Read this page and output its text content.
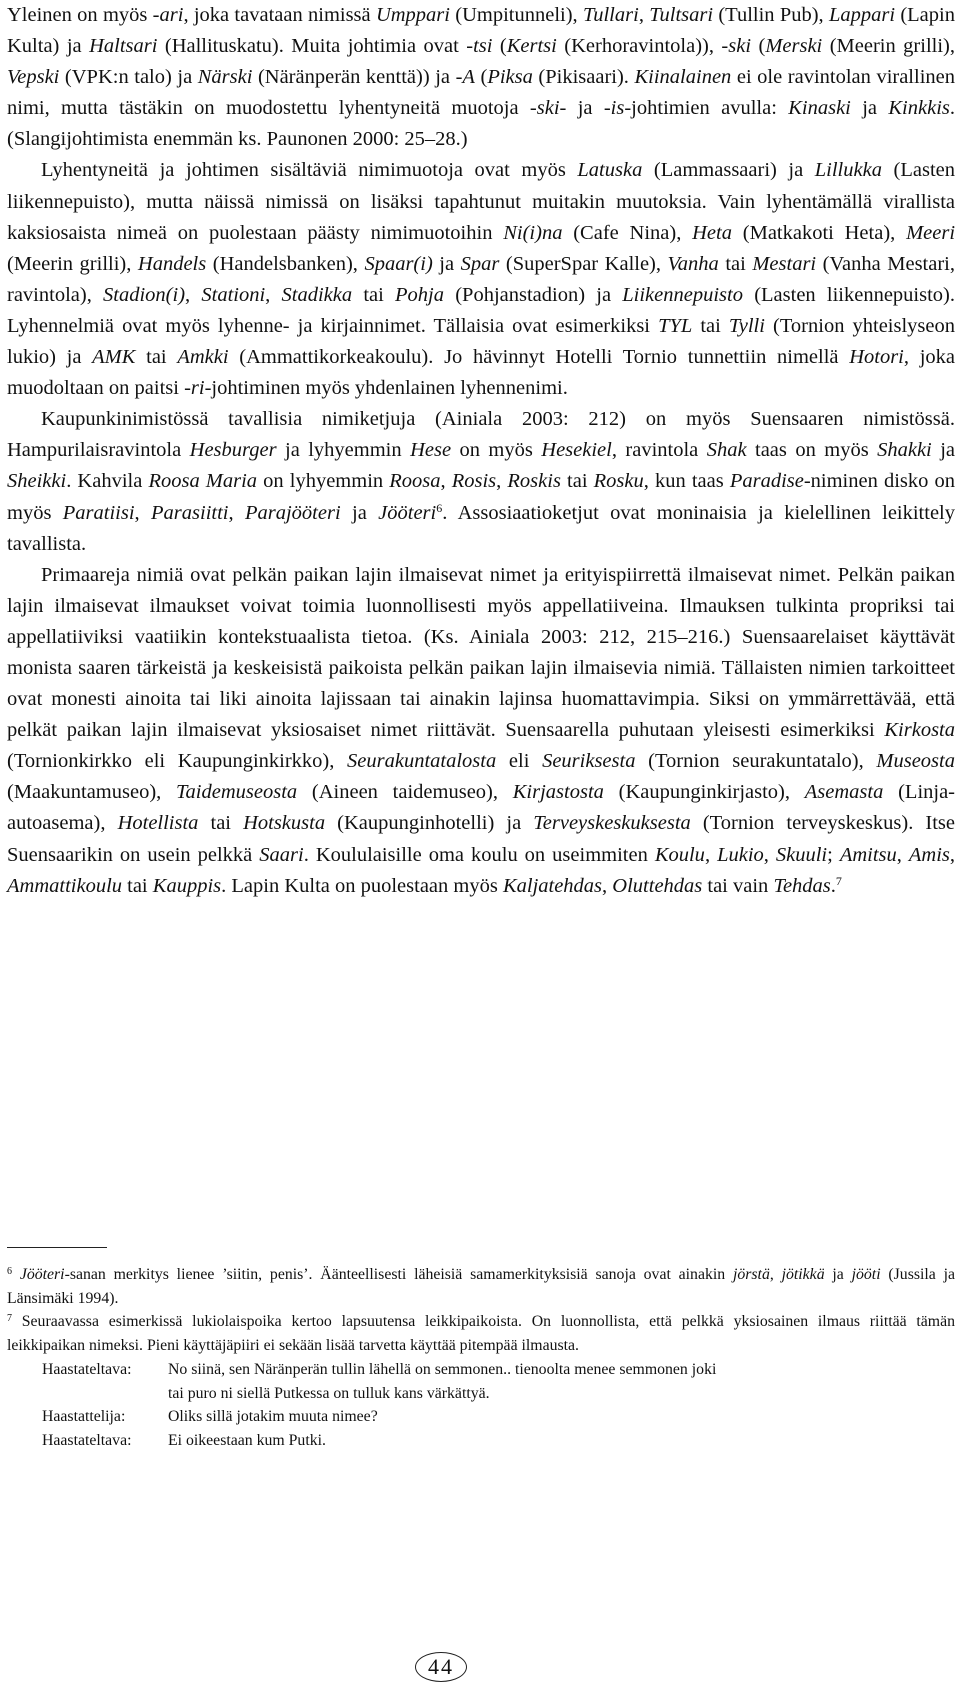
Yleinen on myös -ari, joka tavataan nimissä Umppari (Umpitunneli), Tullari, Tultsari (Tullin Pub), Lappari (Lapin Kulta) ja Haltsari (Hallituskatu). Muita johtimia ovat -tsi (Kertsi (Kerhoravintola)), -ski (Merski (Meerin grilli), Vepski (VPK:n talo) ja Närski (Näränperän kenttä)) ja -A (Piksa (Pikisaari). Kiinalainen ei ole ravintolan virallinen nimi, mutta tästäkin on muodostettu lyhentyneitä muotoja -ski- ja -is-johtimien avulla: Kinaski ja Kinkkis. (Slangijohtimista enemmän ks. Paunonen 2000: 25–28.)

Lyhentyneitä ja johtimen sisältäviä nimimuotoja ovat myös Latuska (Lammassaari) ja Lillukka (Lasten liikennepuisto), mutta näissä nimissä on lisäksi tapahtunut muitakin muutoksia. Vain lyhentämällä virallista kaksiosaista nimeä on puolestaan päästy nimimuotoihin Ni(i)na (Cafe Nina), Heta (Matkakoti Heta), Meeri (Meerin grilli), Handels (Handelsbanken), Spaar(i) ja Spar (SuperSpar Kalle), Vanha tai Mestari (Vanha Mestari, ravintola), Stadion(i), Stationi, Stadikka tai Pohja (Pohjanstadion) ja Liikennepuisto (Lasten liikennepuisto). Lyhennelmiä ovat myös lyhenne- ja kirjainnimet. Tällaisia ovat esimerkiksi TYL tai Tylli (Tornion yhteislyseon lukio) ja AMK tai Amkki (Ammattikorkeakoulu). Jo hävinnyt Hotelli Tornio tunnettiin nimellä Hotori, joka muodoltaan on paitsi -ri-johtiminen myös yhdenlainen lyhennenimi.

Kaupunkinimistössä tavallisia nimiketjuja (Ainiala 2003: 212) on myös Suensaaren nimistössä. Hampurilaisravintola Hesburger ja lyhyemmin Hese on myös Hesekiel, ravintola Shak taas on myös Shakki ja Sheikki. Kahvila Roosa Maria on lyhyemmin Roosa, Rosis, Roskis tai Rosku, kun taas Paradise-niminen disko on myös Paratiisi, Parasiitti, Parajööteri ja Jööteri$^6$. Assosiaatioketjut ovat moninaisia ja kielellinen leikittely tavallista.

Primaareja nimiä ovat pelkän paikan lajin ilmaisevat nimet ja erityispiirrettä ilmaisevat nimet. Pelkän paikan lajin ilmaisevat ilmaukset voivat toimia luonnollisesti myös appellatiiveina. Ilmauksen tulkinta propriksi tai appellatiiviksi vaatiikin kontekstuaalista tietoa. (Ks. Ainiala 2003: 212, 215–216.) Suensaarelaiset käyttävät monista saaren tärkeistä ja keskeisistä paikoista pelkän paikan lajin ilmaisevia nimiä. Tällaisten nimien tarkoitteet ovat monesti ainoita tai liki ainoita lajissaan tai ainakin lajinsa huomattavimpia. Siksi on ymmärrettävää, että pelkät paikan lajin ilmaisevat yksiosaiset nimet riittävät. Suensaarella puhutaan yleisesti esimerkiksi Kirkosta (Tornionkirkko eli Kaupunginkirkko), Seurakuntatalosta eli Seuriksesta (Tornion seurakuntatalo), Museosta (Maakuntamuseo), Taidemuseosta (Aineen taidemuseo), Kirjastosta (Kaupunginkirjasto), Asemasta (Linja-autoasema), Hotellista tai Hotskusta (Kaupunginhotelli) ja Terveyskeskuksesta (Tornion terveyskeskus). Itse Suensaarikin on usein pelkkä Saari. Koululaisille oma koulu on useimmiten Koulu, Lukio, Skuuli; Amitsu, Amis, Ammattikoulu tai Kauppis. Lapin Kulta on puolestaan myös Kaljatehdas, Oluttehdas tai vain Tehdas.$^7$

$^6$ Jööteri-sanan merkitys lienee ’siitin, penis’. Äänteellisesti läheisiä samamerkityksisiä sanoja ovat ainakin jörstä, jötikkä ja jööti (Jussila ja Länsimäki 1994).

$^7$ Seuraavassa esimerkissä lukiolaispoika kertoo lapsuutensa leikkipaikoista. On luonnollista, että pelkkä yksiosainen ilmaus riittää tämän leikkipaikan nimeksi. Pieni käyttäjäpiiri ei sekään lisää tarvetta käyttää pitempää ilmausta.

Haastateltava:	No siinä, sen Näränperän tullin lähellä on semmonen.. tienoolta menee semmonen joki
tai puro ni siellä Putkessa on tulluk kans värkättyä.
Haastattelija:	Oliks sillä jotakim muuta nimee?
Haastateltava:	Ei oikeestaan kum Putki.
44
